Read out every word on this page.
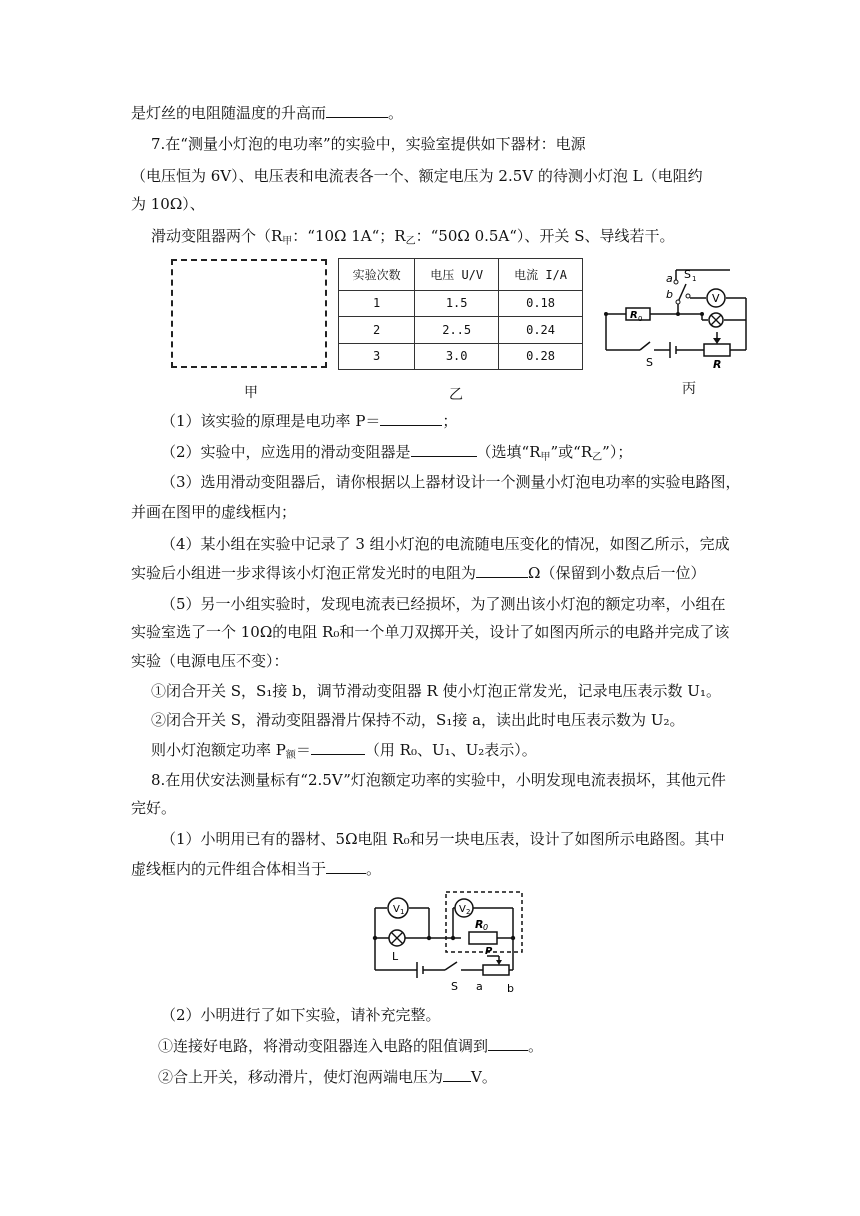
是灯丝的电阻随温度的升高而	。
7.在“测量小灯泡的电功率”的实验中，实验室提供如下器材：电源
（电压恒为 6V）、电压表和电流表各一个、额定电压为 2.5V 的待测小灯泡 L（电阻约
为 10Ω）、
滑动变阻器两个（$R_甲$：“10Ω 1A“；$R_乙$：“50Ω 0.5A“）、开关 S、导线若干。
甲
实验次数	电压 U/V	电流 I/A
1	1.5	0.18
2	2..5	0.24
3	3.0	0.28
乙
V
a
b
S 1
R 0
S	R
丙
（1）该实验的原理是电功率 P＝	；
（2）实验中，应选用的滑动变阻器是	（选填“$R_甲$”或“$R_乙$”）；
（3）选用滑动变阻器后，请你根据以上器材设计一个测量小灯泡电功率的实验电路图，
并画在图甲的虚线框内；
（4）某小组在实验中记录了 3 组小灯泡的电流随电压变化的情况，如图乙所示，完成
实验后小组进一步求得该小灯泡正常发光时的电阻为	Ω（保留到小数点后一位）
（5）另一小组实验时，发现电流表已经损坏，为了测出该小灯泡的额定功率，小组在
实验室选了一个 10Ω的电阻 R₀和一个单刀双掷开关，设计了如图丙所示的电路并完成了该
实验（电源电压不变）：
①闭合开关 S，S₁接 b，调节滑动变阻器 R 使小灯泡正常发光，记录电压表示数 U₁。
②闭合开关 S，滑动变阻器滑片保持不动，S₁接 a，读出此时电压表示数为 U₂。
则小灯泡额定功率 $P_额=$	（用 R₀、U₁、U₂表示）。
8.在用伏安法测量标有“2.5V”灯泡额定功率的实验中，小明发现电流表损坏，其他元件
完好。
（1）小明用已有的器材、5Ω电阻 R₀和另一块电压表，设计了如图所示电路图。其中
虚线框内的元件组合体相当于	。
V 1	V 2
R 0
L	P
S a b
（2）小明进行了如下实验，请补充完整。
①连接好电路，将滑动变阻器连入电路的阻值调到	。
②合上开关，移动滑片，使灯泡两端电压为 V。
